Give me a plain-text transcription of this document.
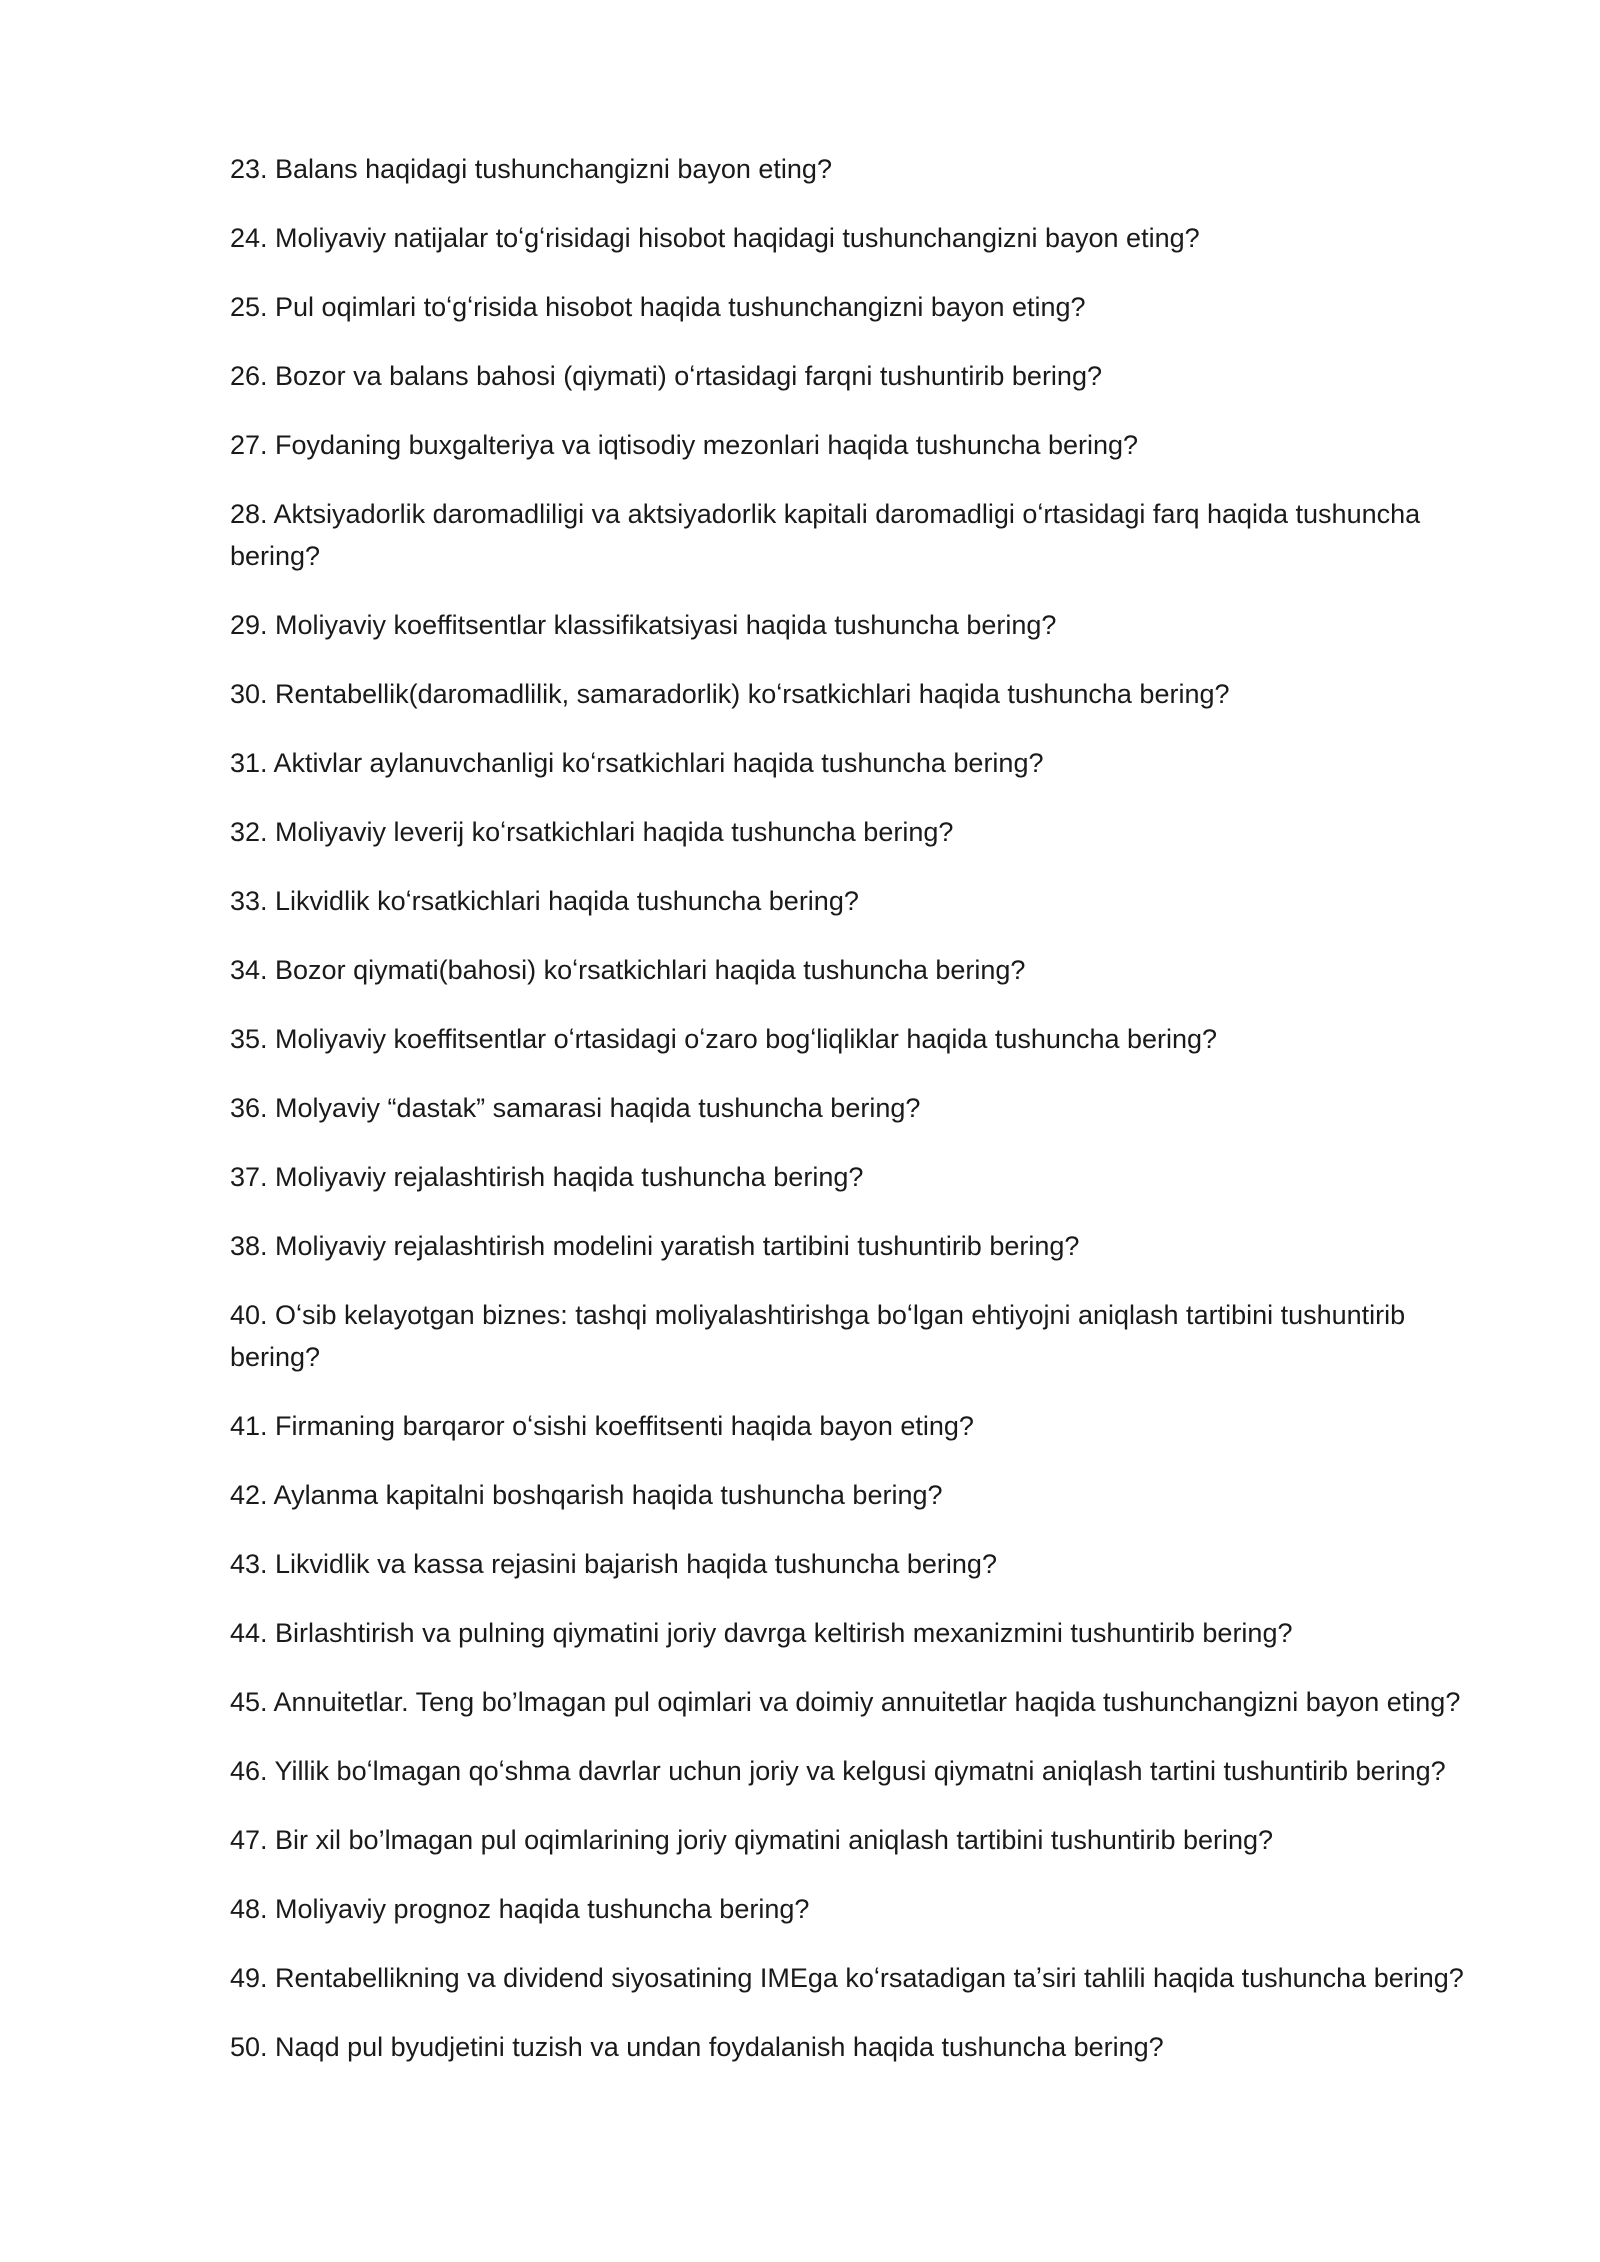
23. Balans haqidagi tushunchangizni bayon eting?
24. Moliyaviy natijalar toʻgʻrisidagi hisobot haqidagi tushunchangizni bayon eting?
25. Pul oqimlari toʻgʻrisida hisobot haqida tushunchangizni bayon eting?
26. Bozor va balans bahosi (qiymati) oʻrtasidagi farqni tushuntirib bering?
27. Foydaning buxgalteriya va iqtisodiy mezonlari haqida tushuncha bering?
28. Aktsiyadorlik daromadliligi va aktsiyadorlik kapitali daromadligi oʻrtasidagi farq haqida tushuncha bering?
29. Moliyaviy koeffitsentlar klassifikatsiyasi haqida tushuncha bering?
30. Rentabellik(daromadlilik, samaradorlik) koʻrsatkichlari haqida tushuncha bering?
31. Aktivlar aylanuvchanligi koʻrsatkichlari haqida tushuncha bering?
32. Moliyaviy leverij koʻrsatkichlari haqida tushuncha bering?
33. Likvidlik koʻrsatkichlari haqida tushuncha bering?
34. Bozor qiymati(bahosi) koʻrsatkichlari haqida tushuncha bering?
35. Moliyaviy koeffitsentlar oʻrtasidagi oʻzaro bogʻliqliklar haqida tushuncha bering?
36. Molyaviy “dastak” samarasi haqida tushuncha bering?
37. Moliyaviy rejalashtirish haqida tushuncha bering?
38. Moliyaviy rejalashtirish modelini yaratish tartibini tushuntirib bering?
40. Oʻsib kelayotgan biznes: tashqi moliyalashtirishga boʻlgan ehtiyojni aniqlash tartibini tushuntirib bering?
41. Firmaning barqaror oʻsishi koeffitsenti haqida bayon eting?
42. Aylanma kapitalni boshqarish haqida tushuncha bering?
43. Likvidlik va kassa rejasini bajarish haqida tushuncha bering?
44. Birlashtirish va pulning qiymatini joriy davrga keltirish mexanizmini tushuntirib bering?
45. Annuitetlar. Teng bo’lmagan pul oqimlari va doimiy annuitetlar haqida tushunchangizni bayon eting?
46. Yillik boʻlmagan qoʻshma davrlar uchun joriy va kelgusi qiymatni aniqlash tartini tushuntirib bering?
47. Bir xil bo’lmagan pul oqimlarining joriy qiymatini aniqlash tartibini tushuntirib bering?
48. Moliyaviy prognoz haqida tushuncha bering?
49. Rentabellikning va dividend siyosatining IMEga koʻrsatadigan taʼsiri tahlili haqida tushuncha bering?
50. Naqd pul byudjetini tuzish va undan foydalanish haqida tushuncha bering?
